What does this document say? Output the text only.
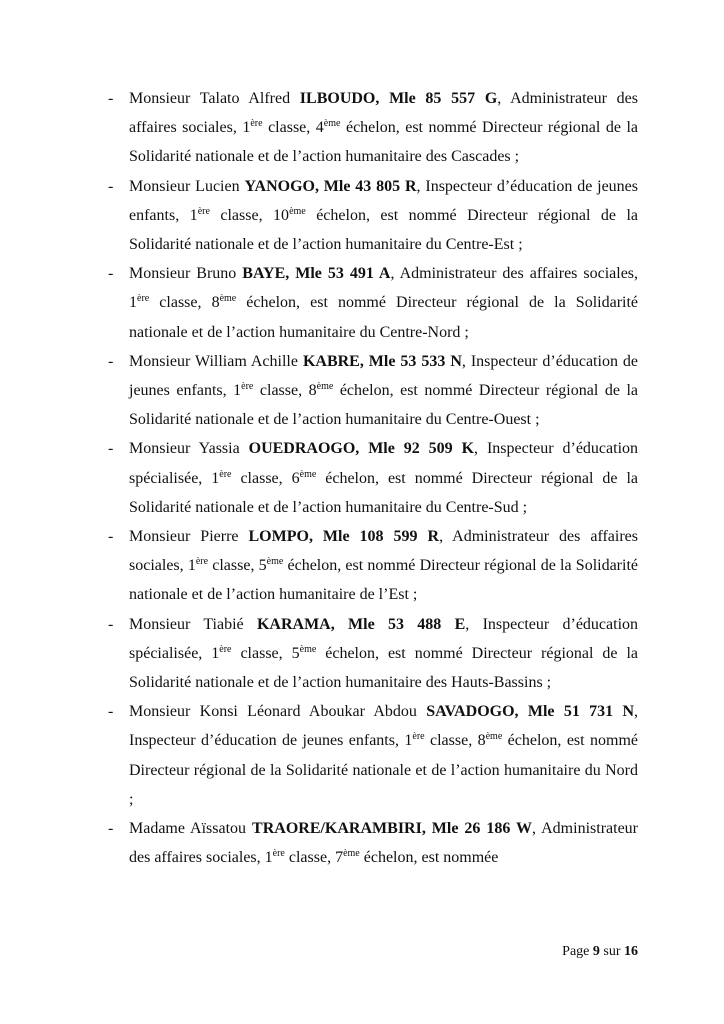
- Monsieur Talato Alfred ILBOUDO, Mle 85 557 G, Administrateur des affaires sociales, 1ère classe, 4ème échelon, est nommé Directeur régional de la Solidarité nationale et de l’action humanitaire des Cascades ;
- Monsieur Lucien YANOGO, Mle 43 805 R, Inspecteur d’éducation de jeunes enfants, 1ère classe, 10ème échelon, est nommé Directeur régional de la Solidarité nationale et de l’action humanitaire du Centre-Est ;
- Monsieur Bruno BAYE, Mle 53 491 A, Administrateur des affaires sociales, 1ère classe, 8ème échelon, est nommé Directeur régional de la Solidarité nationale et de l’action humanitaire du Centre-Nord ;
- Monsieur William Achille KABRE, Mle 53 533 N, Inspecteur d’éducation de jeunes enfants, 1ère classe, 8ème échelon, est nommé Directeur régional de la Solidarité nationale et de l’action humanitaire du Centre-Ouest ;
- Monsieur Yassia OUEDRAOGO, Mle 92 509 K, Inspecteur d’éducation spécialisée, 1ère classe, 6ème échelon, est nommé Directeur régional de la Solidarité nationale et de l’action humanitaire du Centre-Sud ;
- Monsieur Pierre LOMPO, Mle 108 599 R, Administrateur des affaires sociales, 1ère classe, 5ème échelon, est nommé Directeur régional de la Solidarité nationale et de l’action humanitaire de l’Est ;
- Monsieur Tiabié KARAMA, Mle 53 488 E, Inspecteur d’éducation spécialisée, 1ère classe, 5ème échelon, est nommé Directeur régional de la Solidarité nationale et de l’action humanitaire des Hauts-Bassins ;
- Monsieur Konsi Léonard Aboukar Abdou SAVADOGO, Mle 51 731 N, Inspecteur d’éducation de jeunes enfants, 1ère classe, 8ème échelon, est nommé Directeur régional de la Solidarité nationale et de l’action humanitaire du Nord ;
- Madame Aïssatou TRAORE/KARAMBIRI, Mle 26 186 W, Administrateur des affaires sociales, 1ère classe, 7ème échelon, est nommée
Page 9 sur 16
